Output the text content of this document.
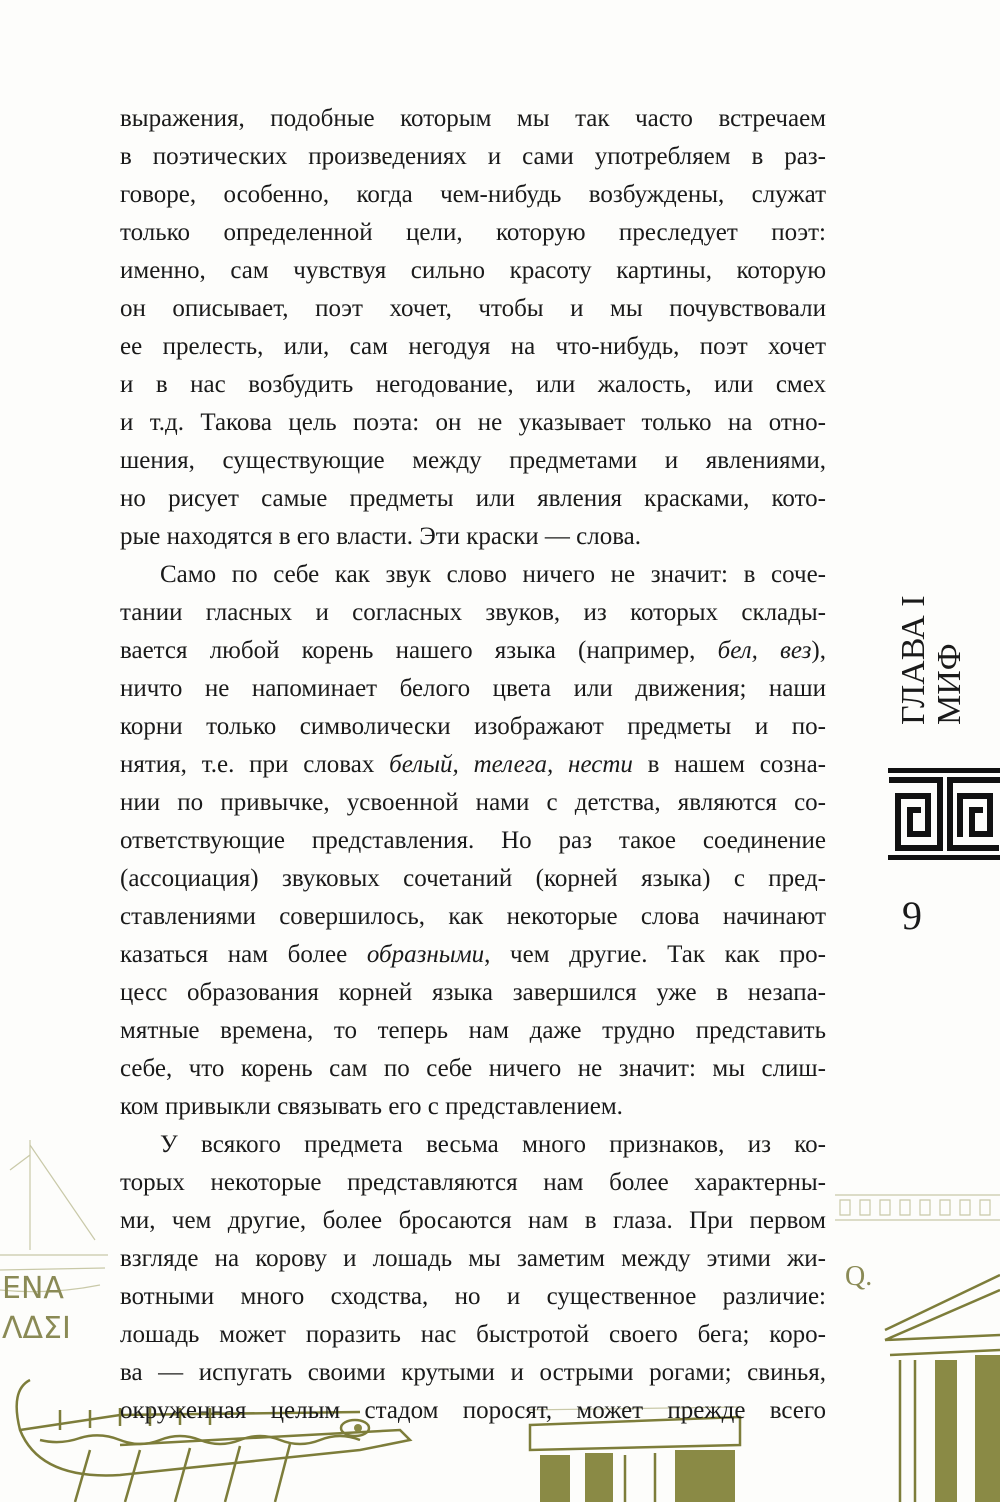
ENA
ΛΔΣΙ
Q.
выражения, подобные которым мы так часто встречаем
в поэтических произведениях и сами употребляем в раз-
говоре, особенно, когда чем-нибудь возбуждены, служат
только определенной цели, которую преследует поэт:
именно, сам чувствуя сильно красоту картины, которую
он описывает, поэт хочет, чтобы и мы почувствовали
ее прелесть, или, сам негодуя на что-нибудь, поэт хочет
и в нас возбудить негодование, или жалость, или смех
и т.д. Такова цель поэта: он не указывает только на отно-
шения, существующие между предметами и явлениями,
но рисует самые предметы или явления красками, кото-
рые находятся в его власти. Эти краски — слова.
Само по себе как звук слово ничего не значит: в соче-
тании гласных и согласных звуков, из которых склады-
вается любой корень нашего языка (например, бел, вез),
ничто не напоминает белого цвета или движения; наши
корни только символически изображают предметы и по-
нятия, т.е. при словах белый, телега, нести в нашем созна-
нии по привычке, усвоенной нами с детства, являются со-
ответствующие представления. Но раз такое соединение
(ассоциация) звуковых сочетаний (корней языка) с пред-
ставлениями совершилось, как некоторые слова начинают
казаться нам более образными, чем другие. Так как про-
цесс образования корней языка завершился уже в незапа-
мятные времена, то теперь нам даже трудно представить
себе, что корень сам по себе ничего не значит: мы слиш-
ком привыкли связывать его с представлением.
У всякого предмета весьма много признаков, из ко-
торых некоторые представляются нам более характерны-
ми, чем другие, более бросаются нам в глаза. При первом
взгляде на корову и лошадь мы заметим между этими жи-
вотными много сходства, но и существенное различие:
лошадь может поразить нас быстротой своего бега; коро-
ва — испугать своими крутыми и острыми рогами; свинья,
окруженная целым стадом поросят, может прежде всего
ГЛАВА I МИФ
9
